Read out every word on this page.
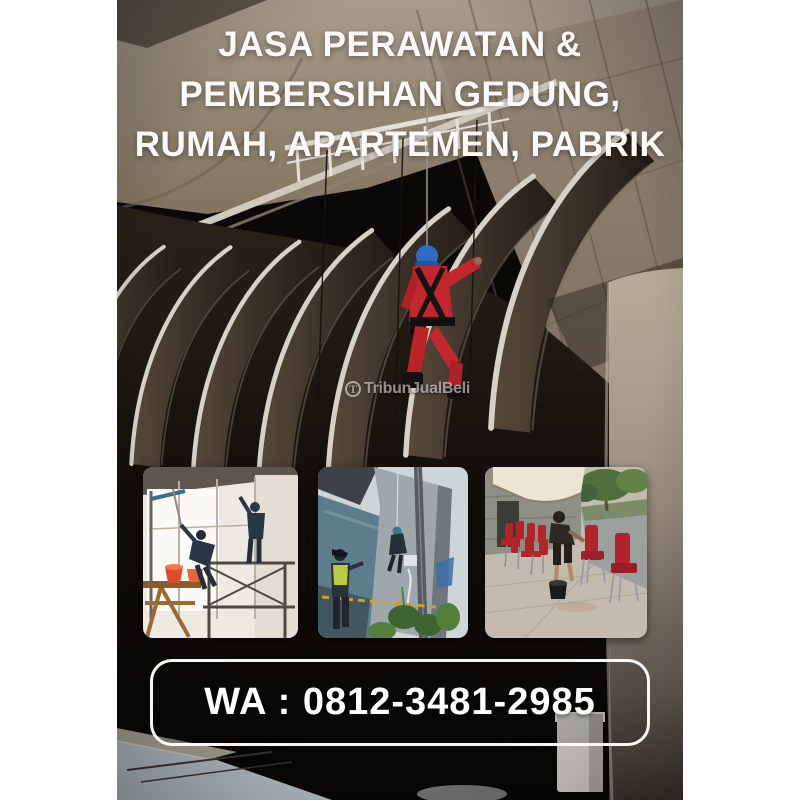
JASA PERAWATAN &
PEMBERSIHAN GEDUNG,
RUMAH, APARTEMEN, PABRIK
T TribunJualBeli
WA : 0812-3481-2985
